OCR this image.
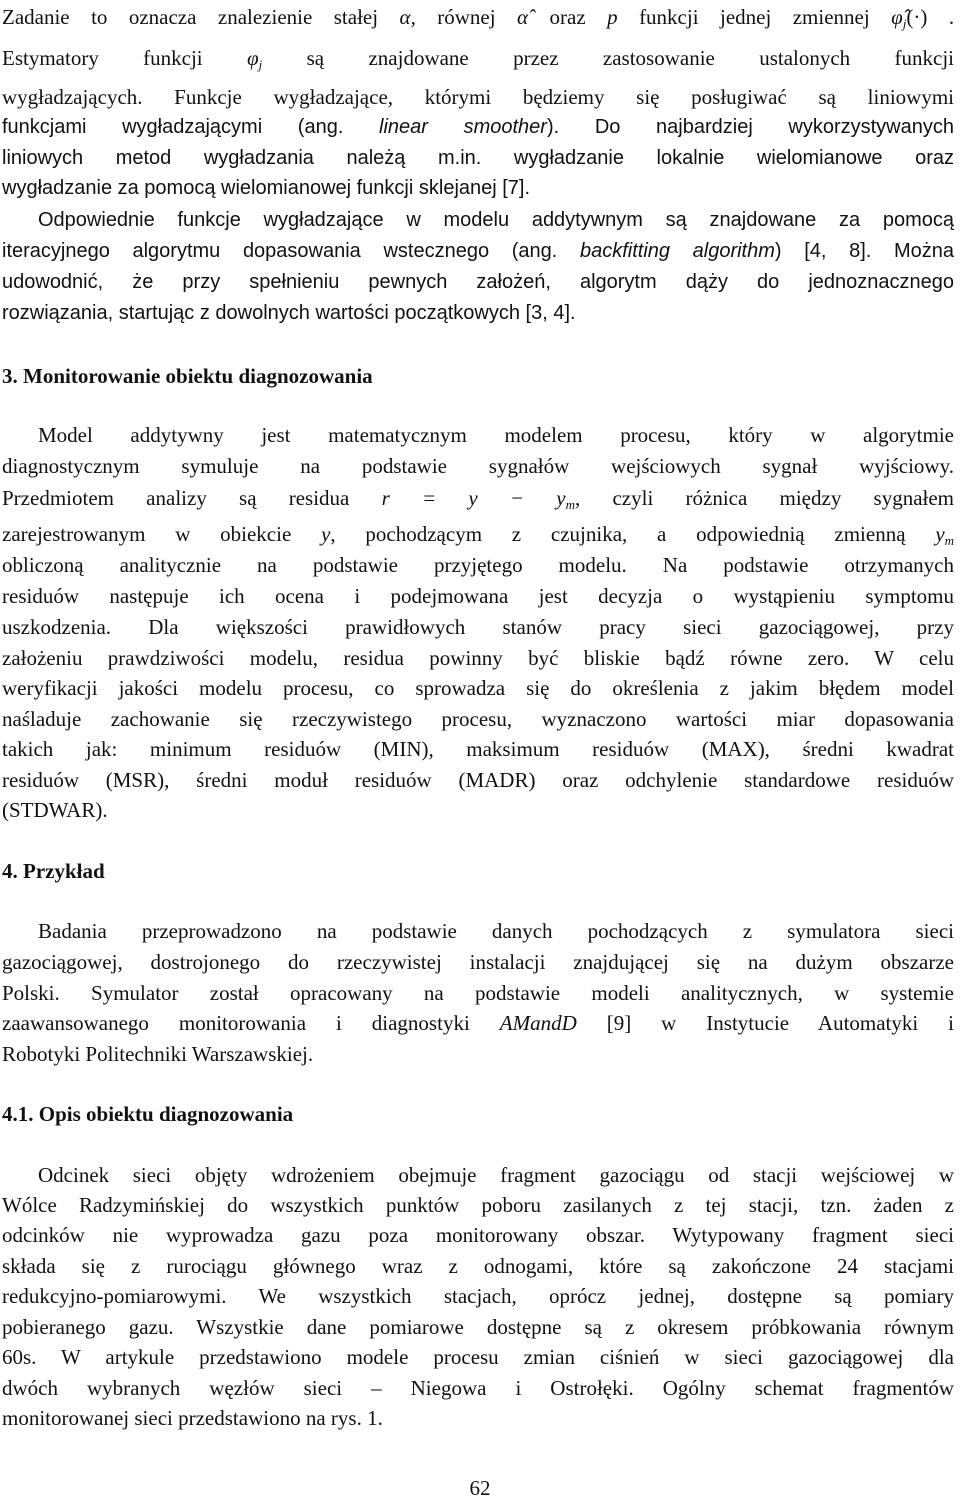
Zadanie to oznacza znalezienie stałej α, równej α̂ oraz p funkcji jednej zmiennej $\varphî_j(\cdot)$ .
Estymatory funkcji $\varphi_j$ są znajdowane przez zastosowanie ustalonych funkcji
wygładzających. Funkcje wygładzające, którymi będziemy się posługiwać są liniowymi
funkcjami wygładzającymi (ang. linear smoother). Do najbardziej wykorzystywanych
liniowych metod wygładzania należą m.in. wygładzanie lokalnie wielomianowe oraz
wygładzanie za pomocą wielomianowej funkcji sklejanej [7].
Odpowiednie funkcje wygładzające w modelu addytywnym są znajdowane za pomocą
iteracyjnego algorytmu dopasowania wstecznego (ang. backfitting algorithm) [4, 8]. Można
udowodnić, że przy spełnieniu pewnych założeń, algorytm dąży do jednoznacznego
rozwiązania, startując z dowolnych wartości początkowych [3, 4].
3. Monitorowanie obiektu diagnozowania
Model addytywny jest matematycznym modelem procesu, który w algorytmie
diagnostycznym symuluje na podstawie sygnałów wejściowych sygnał wyjściowy.
Przedmiotem analizy są residua $r = y - y_m$, czyli różnica między sygnałem
zarejestrowanym w obiekcie y, pochodzącym z czujnika, a odpowiednią zmienną $y_m$
obliczoną analitycznie na podstawie przyjętego modelu. Na podstawie otrzymanych
residuów następuje ich ocena i podejmowana jest decyzja o wystąpieniu symptomu
uszkodzenia. Dla większości prawidłowych stanów pracy sieci gazociągowej, przy
założeniu prawdziwości modelu, residua powinny być bliskie bądź równe zero. W celu
weryfikacji jakości modelu procesu, co sprowadza się do określenia z jakim błędem model
naśladuje zachowanie się rzeczywistego procesu, wyznaczono wartości miar dopasowania
takich jak: minimum residuów (MIN), maksimum residuów (MAX), średni kwadrat
residuów (MSR), średni moduł residuów (MADR) oraz odchylenie standardowe residuów
(STDWAR).
4. Przykład
Badania przeprowadzono na podstawie danych pochodzących z symulatora sieci
gazociągowej, dostrojonego do rzeczywistej instalacji znajdującej się na dużym obszarze
Polski. Symulator został opracowany na podstawie modeli analitycznych, w systemie
zaawansowanego monitorowania i diagnostyki AMandD [9] w Instytucie Automatyki i
Robotyki Politechniki Warszawskiej.
4.1. Opis obiektu diagnozowania
Odcinek sieci objęty wdrożeniem obejmuje fragment gazociągu od stacji wejściowej w
Wólce Radzymińskiej do wszystkich punktów poboru zasilanych z tej stacji, tzn. żaden z
odcinków nie wyprowadza gazu poza monitorowany obszar. Wytypowany fragment sieci
składa się z rurociągu głównego wraz z odnogami, które są zakończone 24 stacjami
redukcyjno-pomiarowymi. We wszystkich stacjach, oprócz jednej, dostępne są pomiary
pobieranego gazu. Wszystkie dane pomiarowe dostępne są z okresem próbkowania równym
60s. W artykule przedstawiono modele procesu zmian ciśnień w sieci gazociągowej dla
dwóch wybranych węzłów sieci – Niegowa i Ostrołęki. Ogólny schemat fragmentów
monitorowanej sieci przedstawiono na rys. 1.
62
